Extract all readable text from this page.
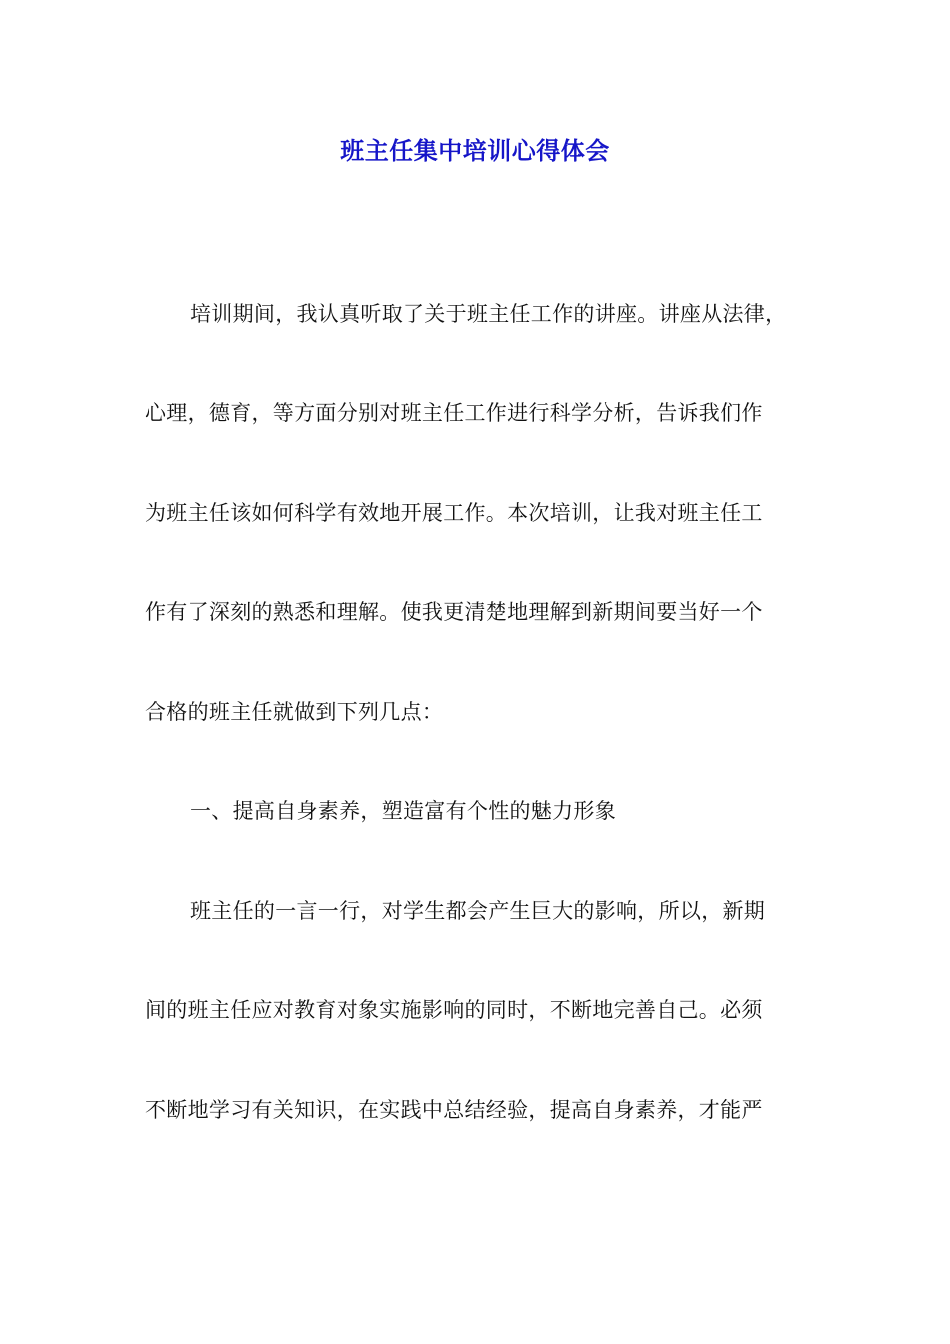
班主任集中培训心得体会
培训期间，我认真听取了关于班主任工作的讲座。讲座从法律，
心理，德育，等方面分别对班主任工作进行科学分析，告诉我们作
为班主任该如何科学有效地开展工作。本次培训，让我对班主任工
作有了深刻的熟悉和理解。使我更清楚地理解到新期间要当好一个
合格的班主任就做到下列几点：
一、提高自身素养，塑造富有个性的魅力形象
班主任的一言一行，对学生都会产生巨大的影响，所以，新期
间的班主任应对教育对象实施影响的同时，不断地完善自己。必须
不断地学习有关知识，在实践中总结经验，提高自身素养，才能严
